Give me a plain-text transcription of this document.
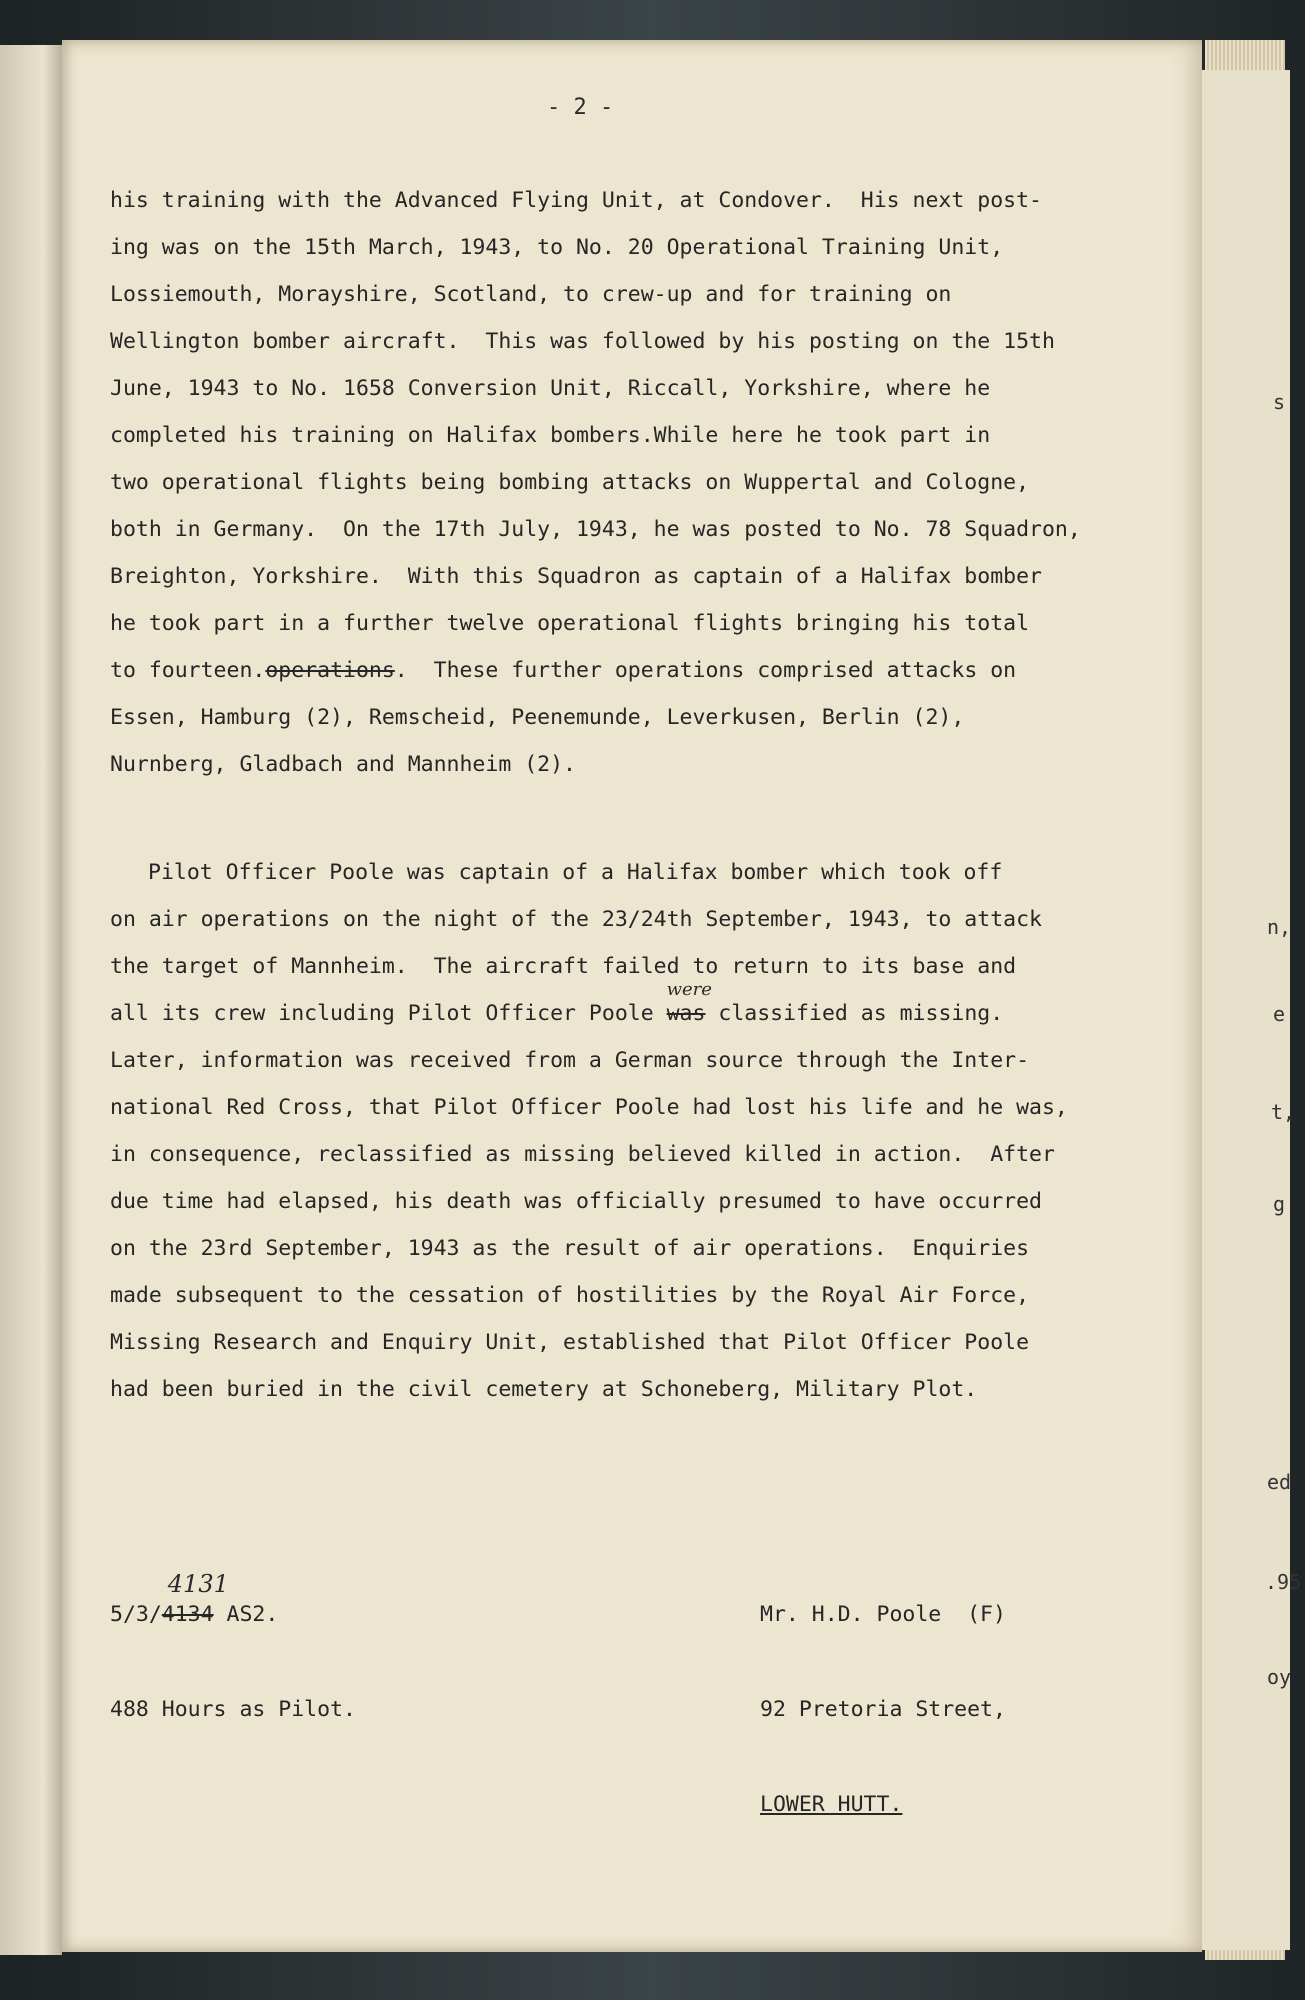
s
n,
e
t,
g
ed
.95
oy
- 2 -
his training with the Advanced Flying Unit, at Condover.  His next post-
ing was on the 15th March, 1943, to No. 20 Operational Training Unit,
Lossiemouth, Morayshire, Scotland, to crew-up and for training on
Wellington bomber aircraft.  This was followed by his posting on the 15th
June, 1943 to No. 1658 Conversion Unit, Riccall, Yorkshire, where he
completed his training on Halifax bombers.While here he took part in
two operational flights being bombing attacks on Wuppertal and Cologne,
both in Germany.  On the 17th July, 1943, he was posted to No. 78 Squadron,
Breighton, Yorkshire.  With this Squadron as captain of a Halifax bomber
he took part in a further twelve operational flights bringing his total
to fourteen.operations.  These further operations comprised attacks on
Essen, Hamburg (2), Remscheid, Peenemunde, Leverkusen, Berlin (2),
Nurnberg, Gladbach and Mannheim (2).
Pilot Officer Poole was captain of a Halifax bomber which took off
on air operations on the night of the 23/24th September, 1943, to attack
the target of Mannheim.  The aircraft failed to return to its base and
all its crew including Pilot Officer Poole was
were
classified as missing.
Later, information was received from a German source through the Inter-
national Red Cross, that Pilot Officer Poole had lost his life and he was,
in consequence, reclassified as missing believed killed in action.  After
due time had elapsed, his death was officially presumed to have occurred
on the 23rd September, 1943 as the result of air operations.  Enquiries
made subsequent to the cessation of hostilities by the Royal Air Force,
Missing Research and Enquiry Unit, established that Pilot Officer Poole
had been buried in the civil cemetery at Schoneberg, Military Plot.

5/3/4134
4131
AS2.

488 Hours as Pilot.

Mr. H.D. Poole  (F)

92 Pretoria Street,

LOWER HUTT.
